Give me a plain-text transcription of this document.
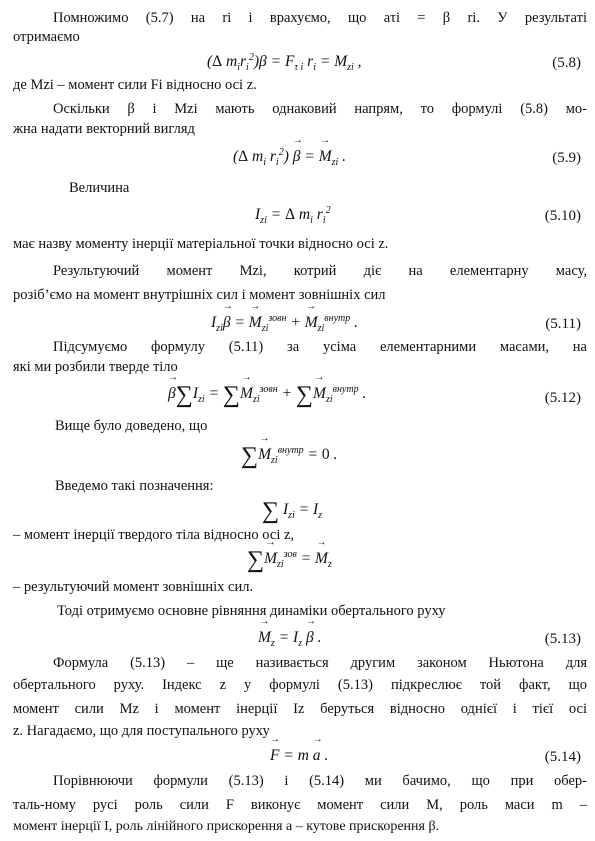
Помножимо (5.7) на ri і врахуємо, що aτi = β ri. У результаті
отримаємо
(Δ $m_ir_i^2)\beta = F_{\tau i}$ $r_i = M_{zi}$ ,	(5.8)
де Mzi – момент сили Fi відносно осі z.
Оскільки β і Mzi мають однаковий напрям, то формулі (5.8) мо-
жна надати векторний вигляд
(Δ $m_i$ $r_i^2) \to \beta$ = → $M_{zi}$ .	(5.9)
Величина
$I_{zi} = \Delta$ $m_i$ $r_i^2$	(5.10)
має назву моменту інерції матеріальної точки відносно осі z.
Результуючий момент Mzi, котрий діє на елементарну масу,
розіб’ємо на момент внутрішніх сил і момент зовнішніх сил
$I_{zi}\to \beta$ = → $M_{zi}^{зовн}$ + → $M_{zi}^{внутр}$ .	(5.11)
Підсумуємо формулу (5.11) за усіма елементарними масами, на
які ми розбили тверде тіло
→ $\beta\sum I_{zi}$ = ∑→ $M_{zi}^{зовн}$ + ∑→ $M_{zi}^{внутр}$ .	(5.12)
Вище було доведено, що
∑→ $M_{zi}^{внутр} = 0$ .
Введемо такі позначення:
∑ $I_{zi} = I_z$
– момент інерції твердого тіла відносно осі z,
∑→ $M_{zi}^{зов}$ = → $M_z$
– результуючий момент зовнішніх сил.
Тоді отримуємо основне рівняння динаміки обертального руху
→ $M_z = I_z \to \beta$ .	(5.13)
Формула (5.13) – ще називається другим законом Ньютона для
обертального руху. Індекс z у формулі (5.13) підкреслює той факт, що
момент сили Mz і момент інерції Iz беруться відносно однієї і тієї осі
z. Нагадаємо, що для поступального руху
→ F = m → a .	(5.14)
Порівнюючи формули (5.13) і (5.14) ми бачимо, що при обер-
таль-ному русі роль сили F виконує момент сили M, роль маси m –
момент інерції I, роль лінійного прискорення a – кутове прискорення β.
